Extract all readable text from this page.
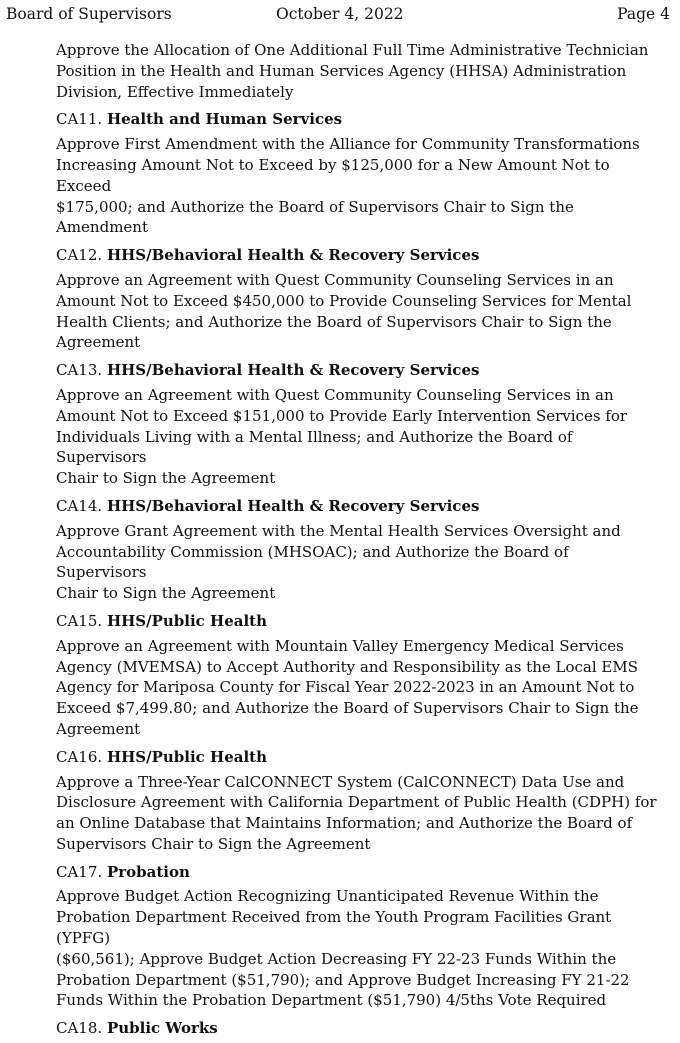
Board of Supervisors	October 4, 2022	Page 4

Approve the Allocation of One Additional Full Time Administrative Technician
Position in the Health and Human Services Agency (HHSA) Administration
Division, Effective Immediately

CA11. Health and Human Services

Approve First Amendment with the Alliance for Community Transformations
Increasing Amount Not to Exceed by $125,000 for a New Amount Not to Exceed
$175,000; and Authorize the Board of Supervisors Chair to Sign the
Amendment

CA12. HHS/Behavioral Health & Recovery Services

Approve an Agreement with Quest Community Counseling Services in an
Amount Not to Exceed $450,000 to Provide Counseling Services for Mental
Health Clients; and Authorize the Board of Supervisors Chair to Sign the
Agreement

CA13. HHS/Behavioral Health & Recovery Services

Approve an Agreement with Quest Community Counseling Services in an
Amount Not to Exceed $151,000 to Provide Early Intervention Services for
Individuals Living with a Mental Illness; and Authorize the Board of Supervisors
Chair to Sign the Agreement

CA14. HHS/Behavioral Health & Recovery Services

Approve Grant Agreement with the Mental Health Services Oversight and
Accountability Commission (MHSOAC); and Authorize the Board of Supervisors
Chair to Sign the Agreement

CA15. HHS/Public Health

Approve an Agreement with Mountain Valley Emergency Medical Services
Agency (MVEMSA) to Accept Authority and Responsibility as the Local EMS
Agency for Mariposa County for Fiscal Year 2022-2023 in an Amount Not to
Exceed $7,499.80; and Authorize the Board of Supervisors Chair to Sign the
Agreement

CA16. HHS/Public Health

Approve a Three-Year CalCONNECT System (CalCONNECT) Data Use and
Disclosure Agreement with California Department of Public Health (CDPH) for
an Online Database that Maintains Information; and Authorize the Board of
Supervisors Chair to Sign the Agreement

CA17. Probation

Approve Budget Action Recognizing Unanticipated Revenue Within the
Probation Department Received from the Youth Program Facilities Grant (YPFG)
($60,561); Approve Budget Action Decreasing FY 22-23 Funds Within the
Probation Department ($51,790); and Approve Budget Increasing FY 21-22
Funds Within the Probation Department ($51,790) 4/5ths Vote Required

CA18. Public Works
